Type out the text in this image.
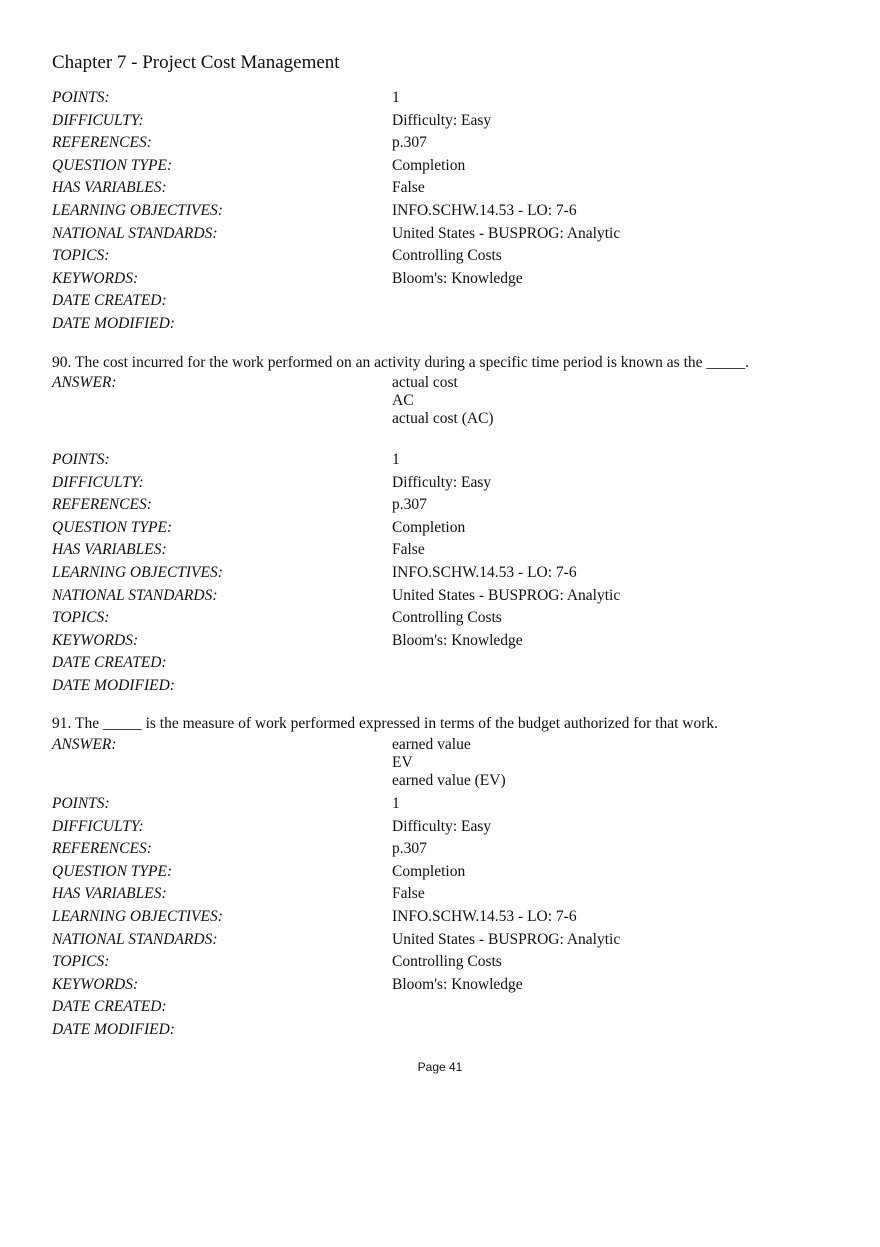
Chapter 7 - Project Cost Management
POINTS:	1
DIFFICULTY:	Difficulty: Easy
REFERENCES:	p.307
QUESTION TYPE:	Completion
HAS VARIABLES:	False
LEARNING OBJECTIVES:	INFO.SCHW.14.53 - LO: 7-6
NATIONAL STANDARDS:	United States - BUSPROG: Analytic
TOPICS:	Controlling Costs
KEYWORDS:	Bloom's: Knowledge
DATE CREATED:
DATE MODIFIED:
90. The cost incurred for the work performed on an activity during a specific time period is known as the _____.
ANSWER:	actual cost
AC
actual cost (AC)
POINTS:	1
DIFFICULTY:	Difficulty: Easy
REFERENCES:	p.307
QUESTION TYPE:	Completion
HAS VARIABLES:	False
LEARNING OBJECTIVES:	INFO.SCHW.14.53 - LO: 7-6
NATIONAL STANDARDS:	United States - BUSPROG: Analytic
TOPICS:	Controlling Costs
KEYWORDS:	Bloom's: Knowledge
DATE CREATED:
DATE MODIFIED:
91. The _____ is the measure of work performed expressed in terms of the budget authorized for that work.
ANSWER:	earned value
EV
earned value (EV)
POINTS:	1
DIFFICULTY:	Difficulty: Easy
REFERENCES:	p.307
QUESTION TYPE:	Completion
HAS VARIABLES:	False
LEARNING OBJECTIVES:	INFO.SCHW.14.53 - LO: 7-6
NATIONAL STANDARDS:	United States - BUSPROG: Analytic
TOPICS:	Controlling Costs
KEYWORDS:	Bloom's: Knowledge
DATE CREATED:
DATE MODIFIED:
Page 41
